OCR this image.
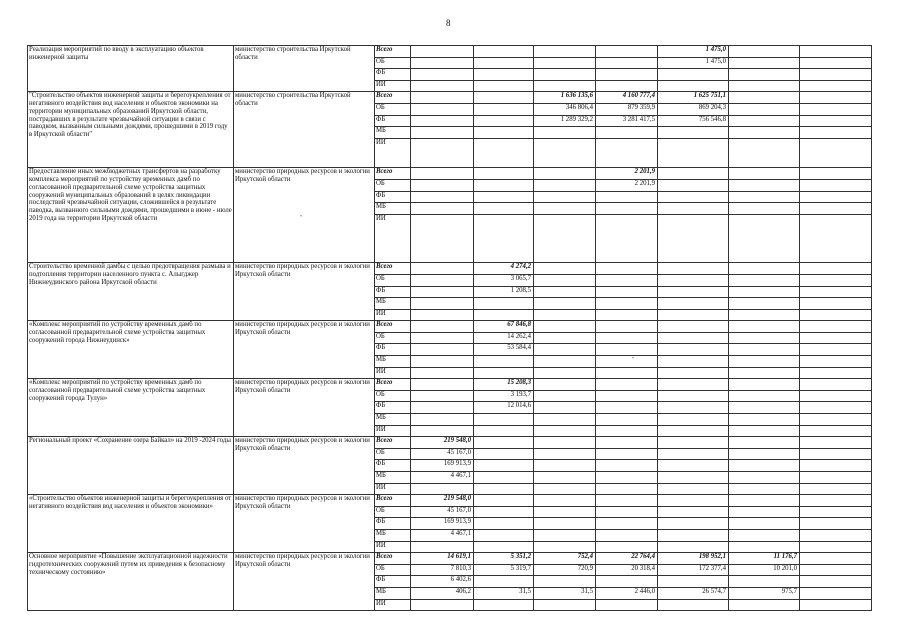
8
Реализация мероприятий по вводу в эксплуатацию объектов инженерной защиты	министерство строительства Иркутской области	Всего					1 475,0		
		ОБ					1 475,0		
		ФБ							
		ИИ							
"Строительство объектов инженерной защиты и берегоукрепления от негативного воздействия вод населения и объектов экономики на территории муниципальных образований Иркутской области, пострадавших в результате чрезвычайной ситуации в связи с паводком, вызванным сильными дождями, прошедшими в 2019 году в Иркутской области"	министерство строительства Иркутской области	Всего			1 636 135,6	4 160 777,4	1 625 751,1		
		ОБ			346 806,4	879 359,9	869 204,3		
		ФБ			1 289 329,2	3 281 417,5	756 546,8		
		МБ							
		ИИ							
Предоставление иных межбюджетных трансфертов на разработку комплекса мероприятий по устройству временных дамб по согласованной предварительной схеме устройства защитных сооружений муниципальных образований в целях ликвидации последствий чрезвычайной ситуации, сложившейся в результате паводка, вызванного сильными дождями, прошедшими в июне - июле 2019 года на территории Иркутской области	министерство природных ресурсов и экологии Иркутской области	Всего				2 201,9			
		ОБ				2 201,9			
		ФБ							
		МБ							
		ИИ							
Строительство временной дамбы с целью предотвращения размыва и подтопления территории населенного пункта с. Алыгджер Нижнеудинского района Иркутской области	министерство природных ресурсов и экологии Иркутской области	Всего		4 274,2					
		ОБ		3 065,7					
		ФБ		1 208,5					
		МБ							
		ИИ							
«Комплекс мероприятий по устройству временных дамб по согласованной предварительной схеме устройства защитных сооружений города Нижнеудинск»	министерство природных ресурсов и экологии Иркутской области	Всего		67 846,8					
		ОБ		14 262,4					
		ФБ		53 584,4					
		МБ							
		ИИ							
«Комплекс мероприятий по устройству временных дамб по согласованной предварительной схеме устройства защитных сооружений города Тулун»	министерство природных ресурсов и экологии Иркутской области	Всего		15 208,3					
		ОБ		3 193,7					
		ФБ		12 014,6					
		МБ							
		ИИ							
Региональный проект «Сохранение озера Байкал» на 2019 -2024 годы	министерство природных ресурсов и экологии Иркутской области	Всего	219 548,0						
		ОБ	45 167,0						
		ФБ	169 913,9						
		МБ	4 467,1						
		ИИ							
«Строительство объектов инженерной защиты и берегоукрепления от негативного воздействия вод населения и объектов экономики»	министерство природных ресурсов и экологии Иркутской области	Всего	219 548,0						
		ОБ	45 167,0						
		ФБ	169 913,9						
		МБ	4 467,1						
		ИИ							
Основное мероприятие «Повышение эксплуатационной надежности гидротехнических сооружений путем их приведения к безопасному техническому состоянию»	министерство природных ресурсов и экологии Иркутской области	Всего	14 619,1	5 351,2	752,4	22 764,4	198 952,1	11 176,7	
		ОБ	7 810,3	5 319,7	720,9	20 318,4	172 377,4	10 201,0	
		ФБ	6 402,6						
		МБ	406,2	31,5	31,5	2 446,0	26 574,7	975,7	
		ИИ							
•
•
